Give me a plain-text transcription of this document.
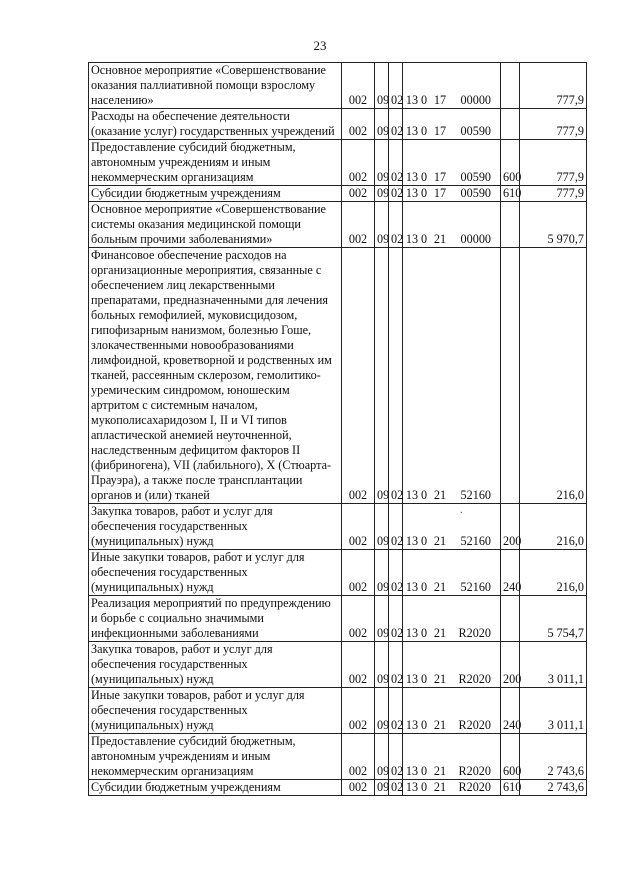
23
Основное мероприятие «Совершенствование оказания паллиативной помощи взрослому населению»	002	09	02	13 0 17 00000		777,9
Расходы на обеспечение деятельности (оказание услуг) государственных учреждений	002	09	02	13 0 17 00590		777,9
Предоставление субсидий бюджетным, автономным учреждениям и иным некоммерческим организациям	002	09	02	13 0 17 00590	600	777,9
Субсидии бюджетным учреждениям	002	09	02	13 0 17 00590	610	777,9
Основное мероприятие «Совершенствование системы оказания медицинской помощи больным прочими заболеваниями»	002	09	02	13 0 21 00000		5 970,7
Финансовое обеспечение расходов на организационные мероприятия, связанные с обеспечением лиц лекарственными препаратами, предназначенными для лечения больных гемофилией, муковисцидозом, гипофизарным нанизмом, болезнью Гоше, злокачественными новообразованиями лимфоидной, кроветворной и родственных им тканей, рассеянным склерозом, гемолитико-уремическим синдромом, юношеским артритом с системным началом, мукополисахаридозом I, II и VI типов апластической анемией неуточненной, наследственным дефицитом факторов II (фибриногена), VII (лабильного), X (Стюарта-Прауэра), а также после трансплантации органов и (или) тканей	002	09	02	13 0 21 52160		216,0
Закупка товаров, работ и услуг для обеспечения государственных (муниципальных) нужд	002	09	02	13 0 21 52160	200	216,0
Иные закупки товаров, работ и услуг для обеспечения государственных (муниципальных) нужд	002	09	02	13 0 21 52160	240	216,0
Реализация мероприятий по предупреждению и борьбе с социально значимыми инфекционными заболеваниями	002	09	02	13 0 21 R2020		5 754,7
Закупка товаров, работ и услуг для обеспечения государственных (муниципальных) нужд	002	09	02	13 0 21 R2020	200	3 011,1
Иные закупки товаров, работ и услуг для обеспечения государственных (муниципальных) нужд	002	09	02	13 0 21 R2020	240	3 011,1
Предоставление субсидий бюджетным, автономным учреждениям и иным некоммерческим организациям	002	09	02	13 0 21 R2020	600	2 743,6
Субсидии бюджетным учреждениям	002	09	02	13 0 21 R2020	610	2 743,6
.
